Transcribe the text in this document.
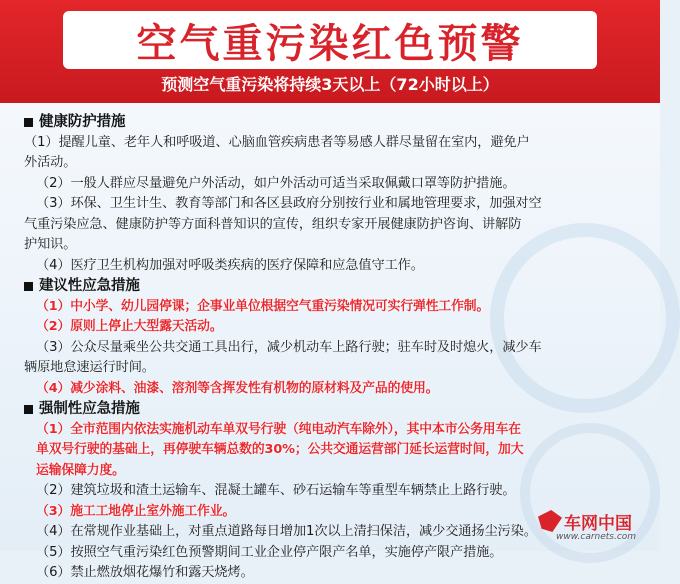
空气重污染红色预警
预测空气重污染将持续3天以上（72小时以上）
健康防护措施
（1）提醒儿童、老年人和呼吸道、心脑血管疾病患者等易感人群尽量留在室内，避免户
外活动。
（2）一般人群应尽量避免户外活动，如户外活动可适当采取佩戴口罩等防护措施。
（3）环保、卫生计生、教育等部门和各区县政府分别按行业和属地管理要求，加强对空
气重污染应急、健康防护等方面科普知识的宣传，组织专家开展健康防护咨询、讲解防
护知识。
（4）医疗卫生机构加强对呼吸类疾病的医疗保障和应急值守工作。
建议性应急措施
（1）中小学、幼儿园停课；企事业单位根据空气重污染情况可实行弹性工作制。
（2）原则上停止大型露天活动。
（3）公众尽量乘坐公共交通工具出行，减少机动车上路行驶；驻车时及时熄火，减少车
辆原地怠速运行时间。
（4）减少涂料、油漆、溶剂等含挥发性有机物的原材料及产品的使用。
强制性应急措施
（1）全市范围内依法实施机动车单双号行驶（纯电动汽车除外），其中本市公务用车在
单双号行驶的基础上，再停驶车辆总数的30%；公共交通运营部门延长运营时间，加大
运输保障力度。
（2）建筑垃圾和渣土运输车、混凝土罐车、砂石运输车等重型车辆禁止上路行驶。
（3）施工工地停止室外施工作业。
（4）在常规作业基础上，对重点道路每日增加1次以上清扫保洁，减少交通扬尘污染。
（5）按照空气重污染红色预警期间工业企业停产限产名单，实施停产限产措施。
（6）禁止燃放烟花爆竹和露天烧烤。
车网中国
www.carnets.com
